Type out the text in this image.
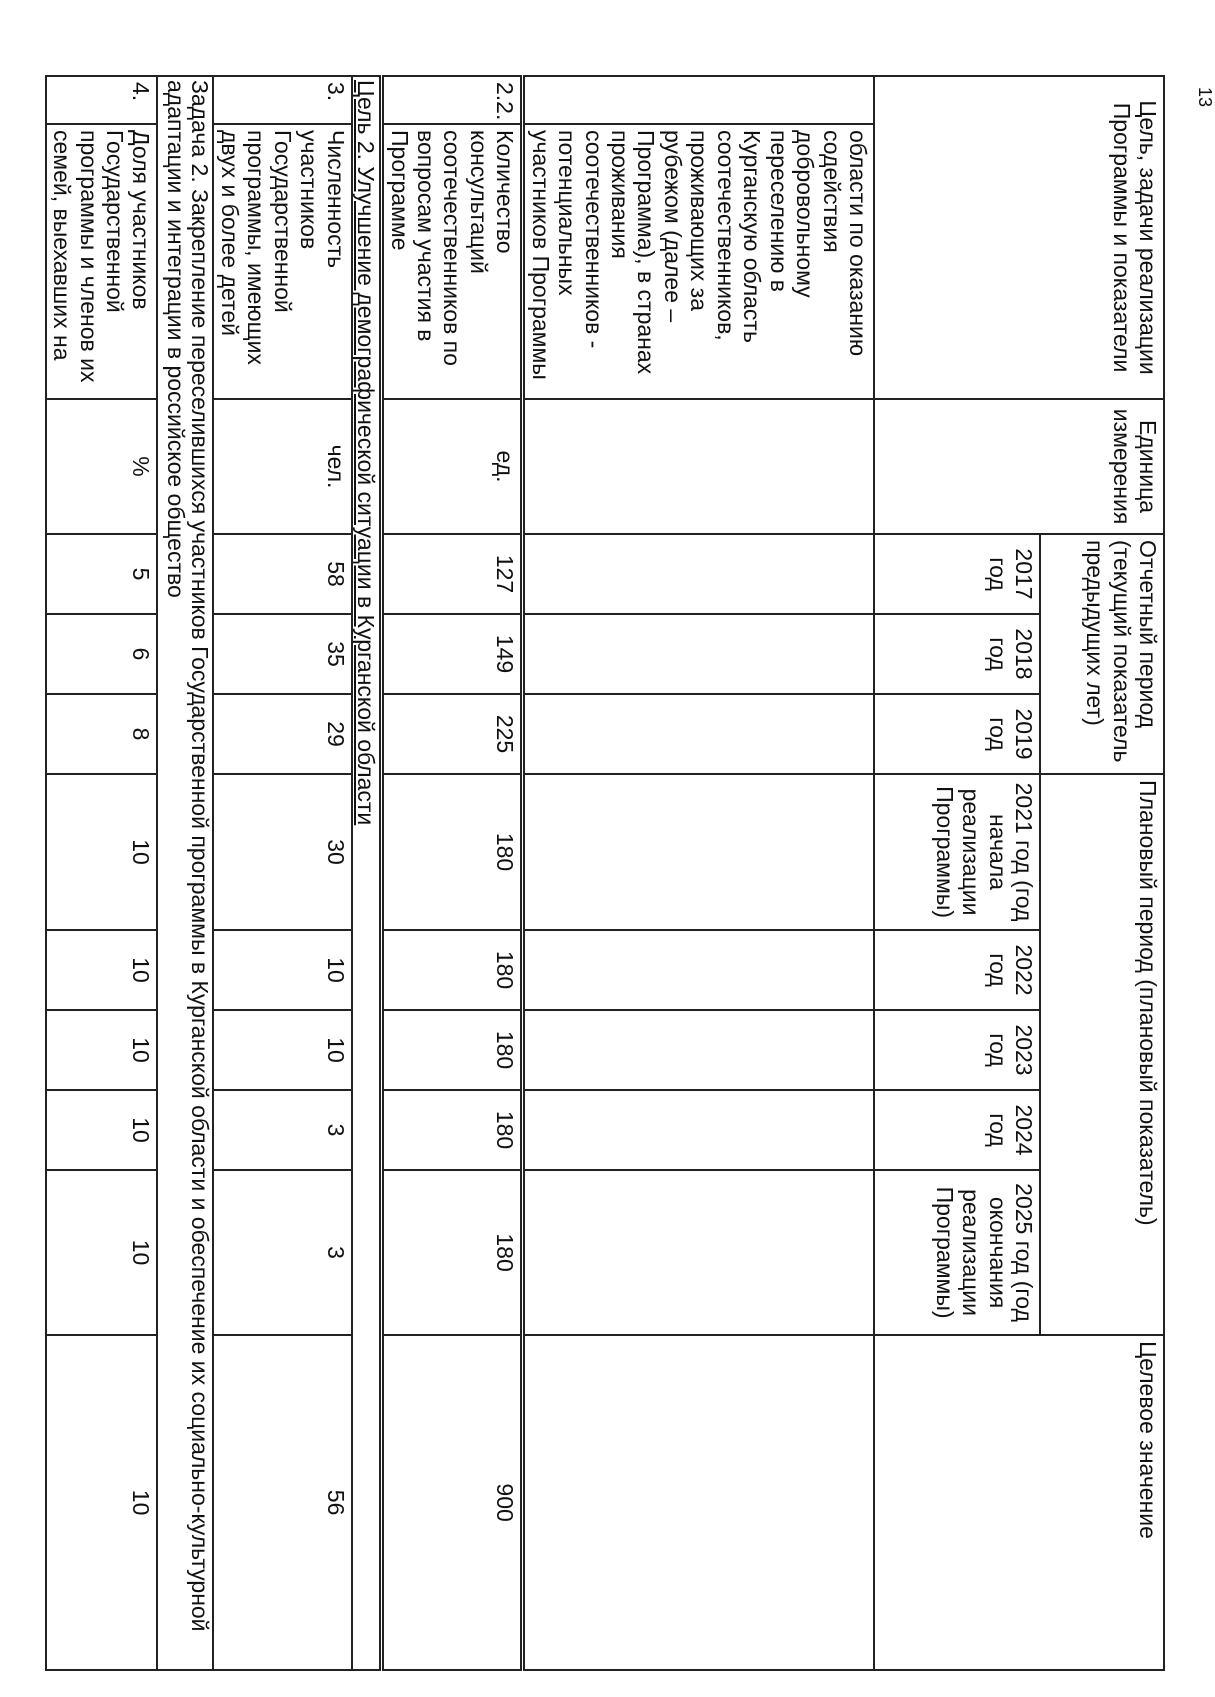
13
Цель, задачи реализации Программы и показатели		Единица измерения	Отчетный период (текущий показатель предыдущих лет)			Плановый период (плановый показатель)					Целевое значение
			2017 год	2018 год	2019 год	2021 год (год начала реализации Программы)	2022 год	2023 год	2024 год	2025 год (год окончания реализации Программы)	
	области по оказанию содействия добровольному переселению в Курганскую область соотечественников, проживающих за рубежом (далее – Программа), в странах проживания соотечественников - потенциальных участников Программы										
2.2.	Количество консультаций соотечественников по вопросам участия в Программе	ед.	127	149	225	180	180	180	180	180	900
Цель 2. Улучшение демографической ситуации в Курганской области											
3.	Численность участников Государственной программы, имеющих двух и более детей	чел.	58	35	29	30	10	10	3	3	56
Задача 2. Закрепление переселившихся участников Государственной программы в Курганской области и обеспечение их социально-культурной адаптации и интеграции в российское общество											
4.	Доля участников Государственной программы и членов их семей, выехавших на	%	5	6	8	10	10	10	10	10	10
